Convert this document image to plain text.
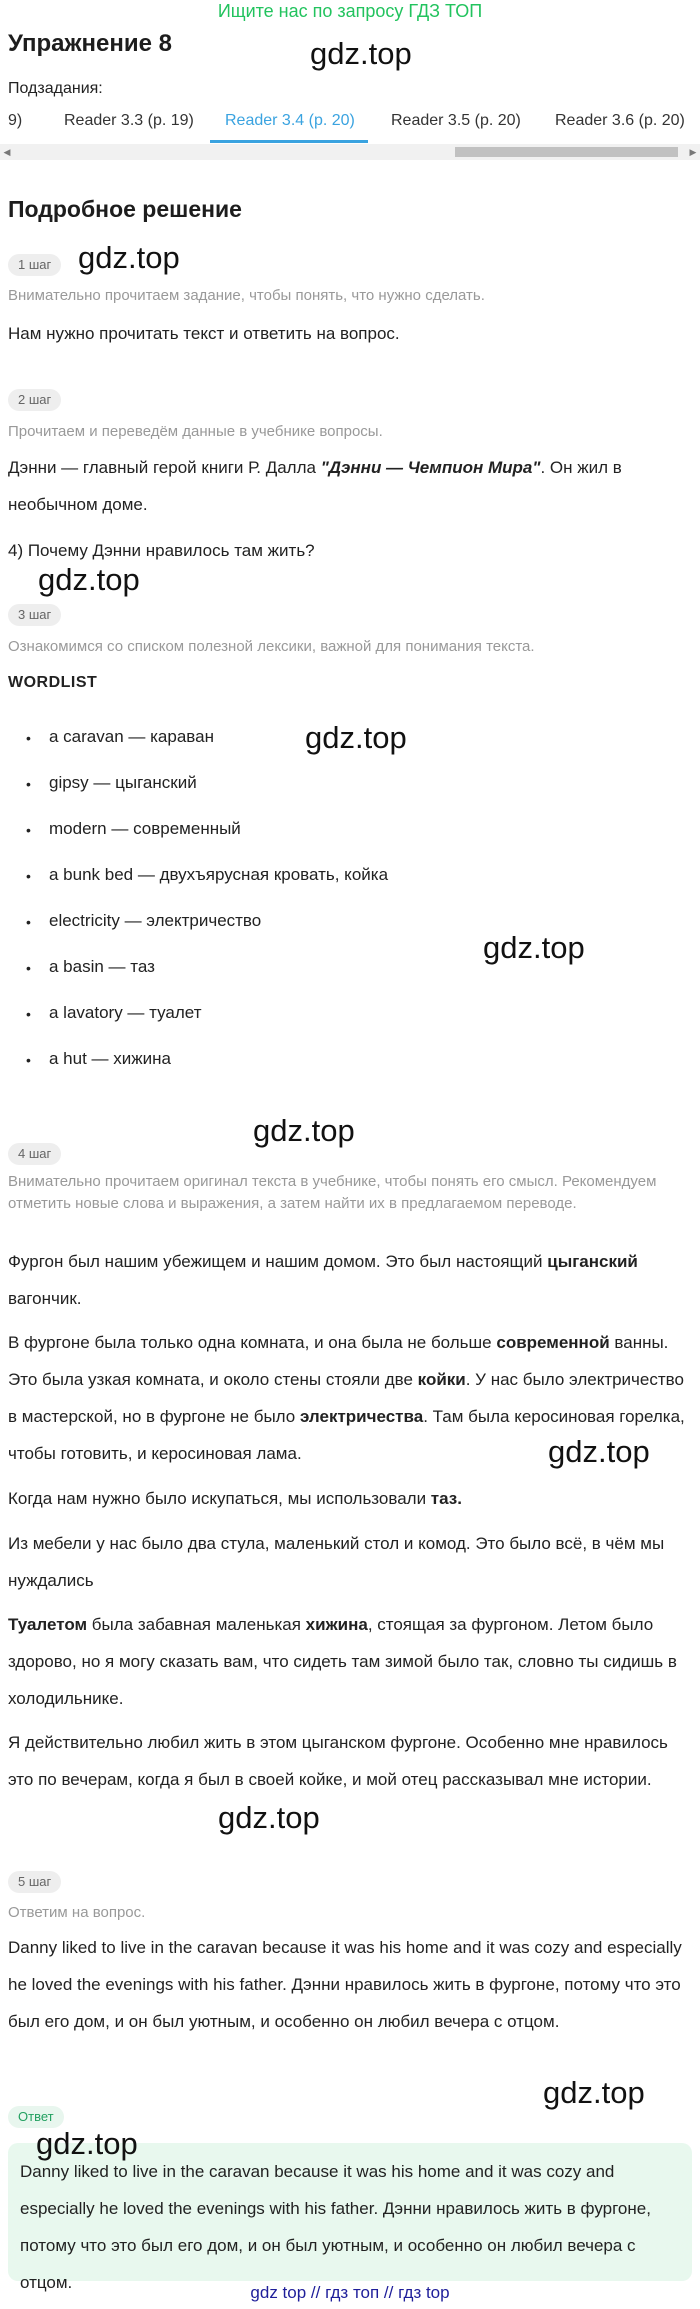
Ищите нас по запросу ГДЗ ТОП
Упражнение 8	gdz.top
Подзадания:
9)	Reader 3.3 (p. 19) Reader 3.4 (p. 20) Reader 3.5 (p. 20) Reader 3.6 (p. 20)
◀	▶
Подробное решение
1 шаг gdz.top
Внимательно прочитаем задание, чтобы понять, что нужно сделать.
Нам нужно прочитать текст и ответить на вопрос.
2 шаг
Прочитаем и переведём данные в учебнике вопросы.
Дэнни — главный герой книги Р. Далла "Дэнни — Чемпион Мира". Он жил в необычном доме.
4) Почему Дэнни нравилось там жить?
gdz.top
3 шаг
Ознакомимся со списком полезной лексики, важной для понимания текста.
WORDLIST
• a caravan — караван
• gipsy — цыганский
• modern — современный
• a bunk bed — двухъярусная кровать, койка
• electricity — электричество
• a basin — таз
• a lavatory — туалет
• a hut — хижина
gdz.top
gdz.top
gdz.top
4 шаг
Внимательно прочитаем оригинал текста в учебнике, чтобы понять его смысл. Рекомендуем отметить новые слова и выражения, а затем найти их в предлагаемом переводе.
Фургон был нашим убежищем и нашим домом. Это был настоящий цыганский вагончик.
В фургоне была только одна комната, и она была не больше современной ванны. Это была узкая комната, и около стены стояли две койки. У нас было электричество в мастерской, но в фургоне не было электричества. Там была керосиновая горелка, чтобы готовить, и керосиновая лама.	gdz.top
Когда нам нужно было искупаться, мы использовали таз.
Из мебели у нас было два стула, маленький стол и комод. Это было всё, в чём мы нуждались
Туалетом была забавная маленькая хижина, стоящая за фургоном. Летом было здорово, но я могу сказать вам, что сидеть там зимой было так, словно ты сидишь в холодильнике.
Я действительно любил жить в этом цыганском фургоне. Особенно мне нравилось это по вечерам, когда я был в своей койке, и мой отец рассказывал мне истории.
gdz.top
5 шаг
Ответим на вопрос.
Danny liked to live in the caravan because it was his home and it was cozy and especially he loved the evenings with his father. Дэнни нравилось жить в фургоне, потому что это был его дом, и он был уютным, и особенно он любил вечера с отцом.
gdz.top
Ответ
Danny liked to live in the caravan because it was his home and it was cozy and especially he loved the evenings with his father. Дэнни нравилось жить в фургоне, потому что это был его дом, и он был уютным, и особенно он любил вечера с отцом.
gdz.top
gdz top // гдз топ // гдз top
